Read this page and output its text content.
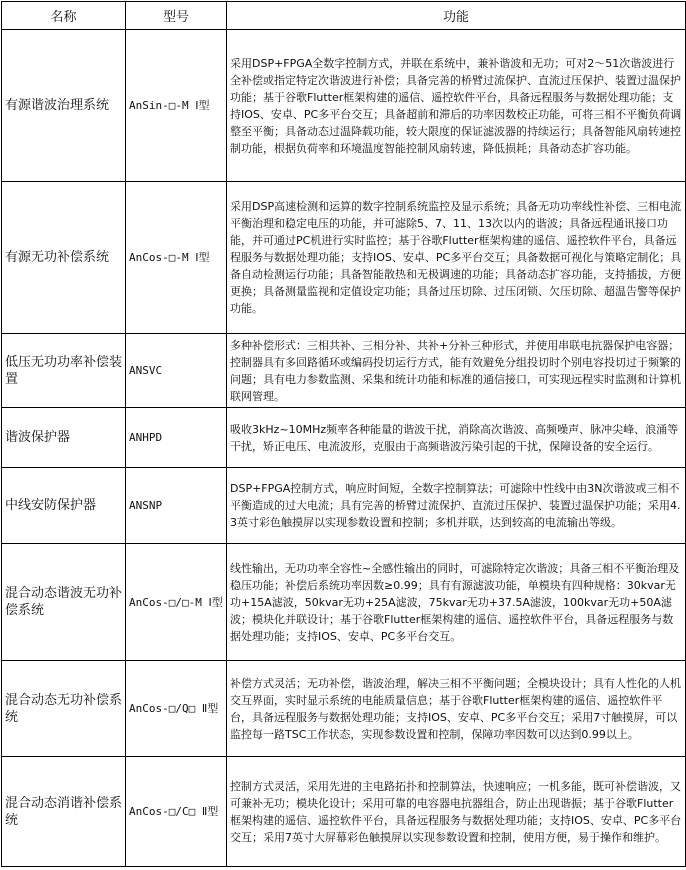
名称	型号	功能
有源谐波治理系统	AnSin-□-M Ⅰ型	采用DSP+FPGA全数字控制方式，并联在系统中，兼补谐波和无功；可对2～51次谐波进行全补偿或指定特定次谐波进行补偿；具备完善的桥臂过流保护、直流过压保护、装置过温保护功能；基于谷歌Flutter框架构建的遥信、遥控软件平台，具备远程服务与数据处理功能；支持IOS、安卓、PC多平台交互；具备超前和滞后的功率因数校正功能，可将三相不平衡负荷调整至平衡；具备动态过温降载功能，较大限度的保证滤波器的持续运行；具备智能风扇转速控制功能，根据负荷率和环境温度智能控制风扇转速，降低损耗；具备动态扩容功能。
有源无功补偿系统	AnCos-□-M Ⅰ型	采用DSP高速检测和运算的数字控制系统监控及显示系统；具备无功功率线性补偿、三相电流平衡治理和稳定电压的功能，并可滤除5、7、11、13次以内的谐波；具备远程通讯接口功能，并可通过PC机进行实时监控；基于谷歌Flutter框架构建的遥信、遥控软件平台，具备远程服务与数据处理功能；支持IOS、安卓、PC多平台交互；具备数据可视化与策略定制化；具备自动检测运行功能；具备智能散热和无极调速的功能；具备动态扩容功能，支持插拔，方便更换；具备测量监视和定值设定功能；具备过压切除、过压闭锁、欠压切除、超温告警等保护功能。
低压无功功率补偿装置	ANSVC	多种补偿形式：三相共补、三相分补、共补+分补三种形式，并使用串联电抗器保护电容器；控制器具有多回路循环或编码投切运行方式，能有效避免分组投切时个别电容投切过于频繁的问题；具有电力参数监测、采集和统计功能和标准的通信接口，可实现远程实时监测和计算机联网管理。
谐波保护器	ANHPD	吸收3kHz~10MHz频率各种能量的谐波干扰，消除高次谐波、高频噪声、脉冲尖峰、浪涌等干扰，矫正电压、电流波形，克服由于高频谐波污染引起的干扰，保障设备的安全运行。
中线安防保护器	ANSNP	DSP+FPGA控制方式，响应时间短，全数字控制算法；可滤除中性线中由3N次谐波或三相不平衡造成的过大电流；具有完善的桥臂过流保护、直流过压保护、装置过温保护功能；采用4.3英寸彩色触摸屏以实现参数设置和控制；多机并联，达到较高的电流输出等级。
混合动态谐波无功补偿系统	AnCos-□/□-M Ⅰ型	线性输出，无功功率全容性~全感性输出的同时，可滤除特定次谐波；具备三相不平衡治理及稳压功能；补偿后系统功率因数≥0.99；具有有源滤波功能，单模块有四种规格：30kvar无功+15A滤波，50kvar无功+25A滤波，75kvar无功+37.5A滤波，100kvar无功+50A滤波；模块化并联设计；基于谷歌Flutter框架构建的遥信、遥控软件平台，具备远程服务与数据处理功能；支持IOS、安卓、PC多平台交互。
混合动态无功补偿系统	AnCos-□/Q□ Ⅱ型	补偿方式灵活；无功补偿，谐波治理，解决三相不平衡问题；全模块设计；具有人性化的人机交互界面，实时显示系统的电能质量信息；基于谷歌Flutter框架构建的遥信、遥控软件平台，具备远程服务与数据处理功能；支持IOS、安卓、PC多平台交互；采用7寸触摸屏，可以监控每一路TSC工作状态，实现参数设置和控制，保障功率因数可以达到0.99以上。
混合动态消谐补偿系统	AnCos-□/C□ Ⅱ型	控制方式灵活，采用先进的主电路拓扑和控制算法，快速响应；一机多能，既可补偿谐波，又可兼补无功；模块化设计；采用可靠的电容器电抗器组合，防止出现谐振；基于谷歌Flutter框架构建的遥信、遥控软件平台，具备远程服务与数据处理功能；支持IOS、安卓、PC多平台交互；采用7英寸大屏幕彩色触摸屏以实现参数设置和控制，使用方便，易于操作和维护。
